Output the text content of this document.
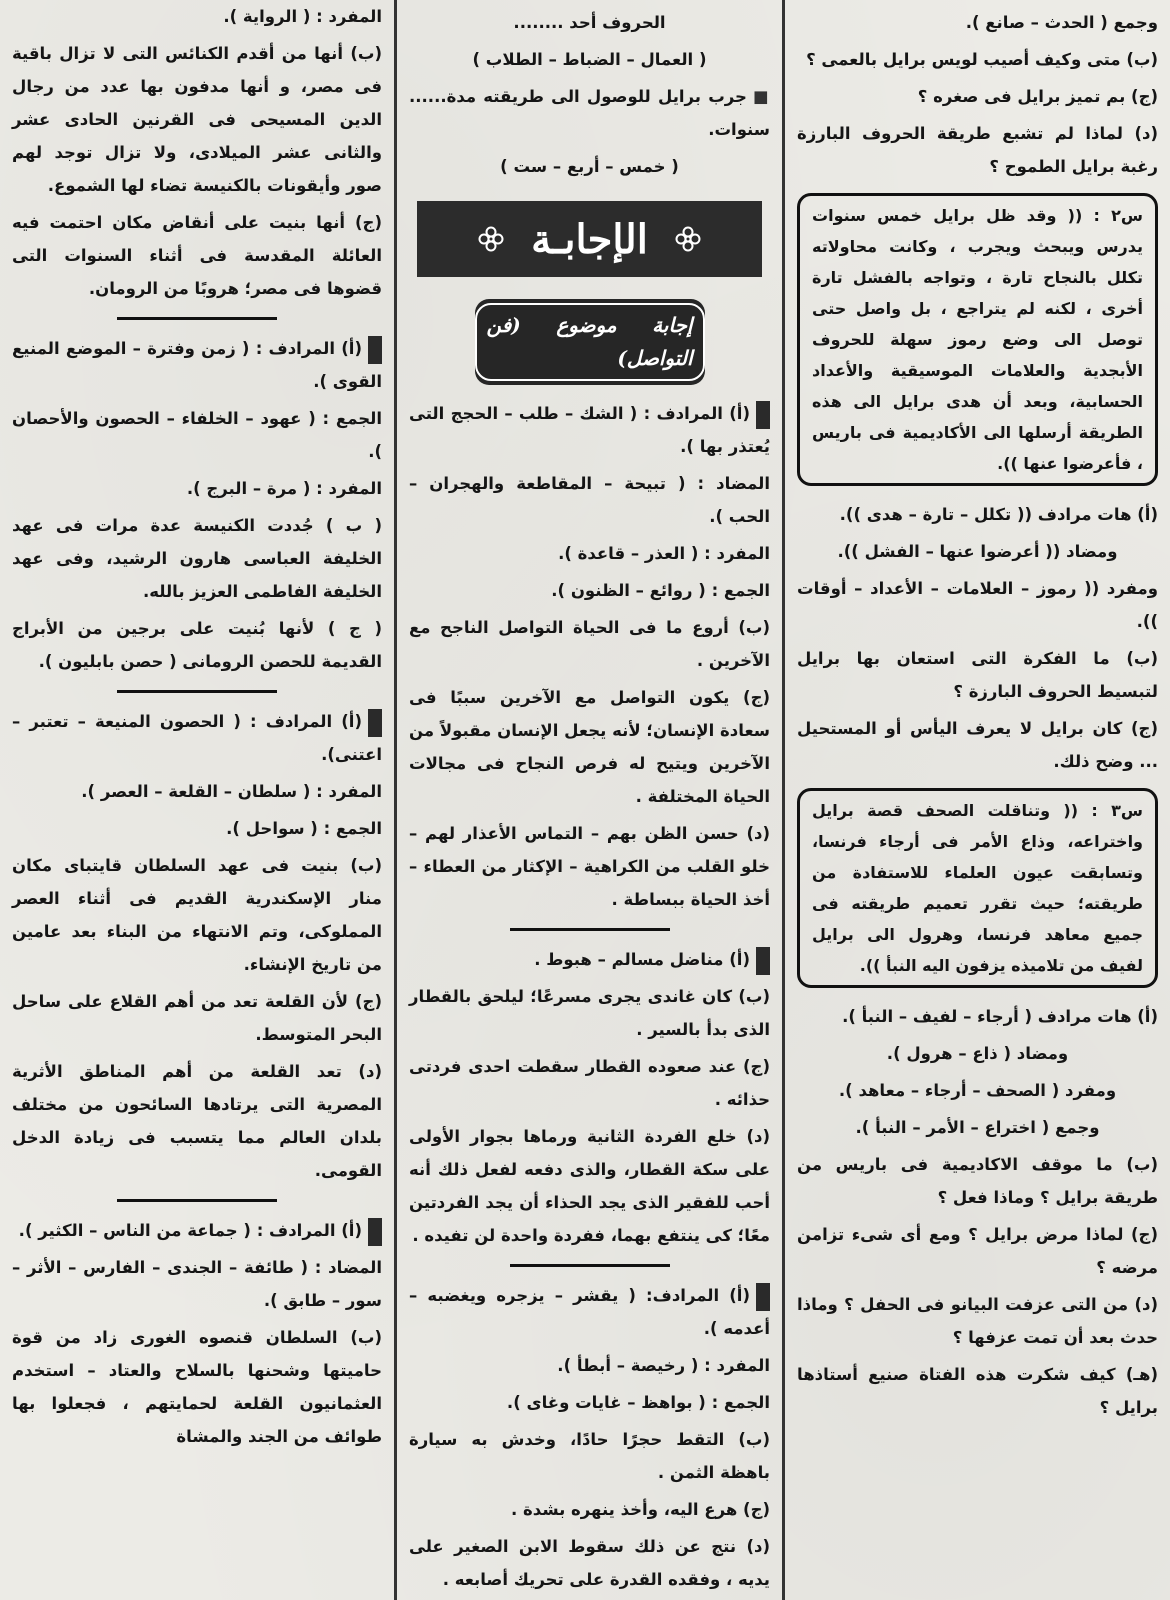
وجمع ( الحدث – صانع ).

(ب) متى وكيف أصيب لويس برايل بالعمى ؟

(ج) بم تميز برايل فى صغره ؟

(د) لماذا لم تشبع طريقة الحروف البارزة رغبة برايل الطموح ؟

س٢ : (( وقد ظل برايل خمس سنوات يدرس ويبحث ويجرب ، وكانت محاولاته تكلل بالنجاح تارة ، وتواجه بالفشل تارة أخرى ، لكنه لم يتراجع ، بل واصل حتى توصل الى وضع رموز سهلة للحروف الأبجدية والعلامات الموسيقية والأعداد الحسابية، وبعد أن هدى برايل الى هذه الطريقة أرسلها الى الأكاديمية فى باريس ، فأعرضوا عنها )).

(أ) هات مرادف (( تكلل – تارة – هدى )).

ومضاد (( أعرضوا عنها – الفشل )).

ومفرد (( رموز – العلامات – الأعداد – أوقات )).

(ب) ما الفكرة التى استعان بها برايل لتبسيط الحروف البارزة ؟

(ج) كان برايل لا يعرف اليأس أو المستحيل ... وضح ذلك.

س٣ : (( وتناقلت الصحف قصة برايل واختراعه، وذاع الأمر فى أرجاء فرنسا، وتسابقت عيون العلماء للاستفادة من طريقته؛ حيث تقرر تعميم طريقته فى جميع معاهد فرنسا، وهرول الى برايل لفيف من تلاميذه يزفون اليه النبأ )).

(أ) هات مرادف ( أرجاء – لفيف – النبأ ).

ومضاد ( ذاع – هرول ).

ومفرد ( الصحف – أرجاء – معاهد ).

وجمع ( اختراع – الأمر – النبأ ).

(ب) ما موقف الاكاديمية فى باريس من طريقة برايل ؟ وماذا فعل ؟

(ج) لماذا مرض برايل ؟ ومع أى شىء تزامن مرضه ؟

(د) من التى عزفت البيانو فى الحفل ؟ وماذا حدث بعد أن تمت عزفها ؟

(هـ) كيف شكرت هذه الفتاة صنيع أستاذها برايل ؟

الحروف أحد ........

( العمال – الضباط – الطلاب )

■جرب برايل للوصول الى طريقته مدة...... سنوات.

( خمس – أربع – ست )

الإجابـة
إجابة موضوع (فن التواصل)

(أ) المرادف : ( الشك – طلب – الحجج التى يُعتذر بها ).

المضاد : ( تبيحة – المقاطعة والهجران – الحب ).

المفرد : ( العذر – قاعدة ).

الجمع : ( روائع – الظنون ).

(ب) أروع ما فى الحياة التواصل الناجح مع الآخرين .

(ج) يكون التواصل مع الآخرين سببًا فى سعادة الإنسان؛ لأنه يجعل الإنسان مقبولاً من الآخرين ويتيح له فرص النجاح فى مجالات الحياة المختلفة .

(د) حسن الظن بهم – التماس الأعذار لهم – خلو القلب من الكراهية – الإكثار من العطاء – أخذ الحياة ببساطة .

(أ) مناضل مسالم – هبوط .

(ب) كان غاندى يجرى مسرعًا؛ ليلحق بالقطار الذى بدأ بالسير .

(ج) عند صعوده القطار سقطت احدى فردتى حذائه .

(د) خلع الفردة الثانية ورماها بجوار الأولى على سكة القطار، والذى دفعه لفعل ذلك أنه أحب للفقير الذى يجد الحذاء أن يجد الفردتين معًا؛ كى ينتفع بهما، ففردة واحدة لن تفيده .

(أ) المرادف: ( يقشر – يزجره ويغضبه – أعدمه ).

المفرد : ( رخيصة – أبطأ ).

الجمع : ( بواهظ – غايات وغاى ).

(ب) التقط حجرًا حادًا، وخدش به سيارة باهظة الثمن .

(ج) هرع اليه، وأخذ ينهره بشدة .

(د) نتج عن ذلك سقوط الابن الصغير على يديه ، وفقده القدرة على تحريك أصابعه .

المفرد : ( الرواية ).

(ب) أنها من أقدم الكنائس التى لا تزال باقية فى مصر، و أنها مدفون بها عدد من رجال الدين المسيحى فى القرنين الحادى عشر والثانى عشر الميلادى، ولا تزال توجد لهم صور وأيقونات بالكنيسة تضاء لها الشموع.

(ج) أنها بنيت على أنقاض مكان احتمت فيه العائلة المقدسة فى أثناء السنوات التى قضوها فى مصر؛ هروبًا من الرومان.

(أ) المرادف : ( زمن وفترة – الموضع المنيع القوى ).

الجمع : ( عهود – الخلفاء – الحصون والأحصان ).

المفرد : ( مرة – البرج ).

( ب ) جُددت الكنيسة عدة مرات فى عهد الخليفة العباسى هارون الرشيد، وفى عهد الخليفة الفاطمى العزيز بالله.

( ج ) لأنها بُنيت على برجين من الأبراج القديمة للحصن الرومانى ( حصن بابليون ).

(أ) المرادف : ( الحصون المنيعة – تعتبر – اعتنى).

المفرد : ( سلطان – القلعة – العصر ).

الجمع : ( سواحل ).

(ب) بنيت فى عهد السلطان قايتباى مكان منار الإسكندرية القديم فى أثناء العصر المملوكى، وتم الانتهاء من البناء بعد عامين من تاريخ الإنشاء.

(ج) لأن القلعة تعد من أهم القلاع على ساحل البحر المتوسط.

(د) تعد القلعة من أهم المناطق الأثرية المصرية التى يرتادها السائحون من مختلف بلدان العالم مما يتسبب فى زيادة الدخل القومى.

(أ) المرادف : ( جماعة من الناس – الكثير ).

المضاد : ( طائفة – الجندى – الفارس – الأثر – سور – طابق ).

(ب) السلطان قنصوه الغورى زاد من قوة حاميتها وشحنها بالسلاح والعتاد – استخدم العثمانيون القلعة لحمايتهم ، فجعلوا بها طوائف من الجند والمشاة
